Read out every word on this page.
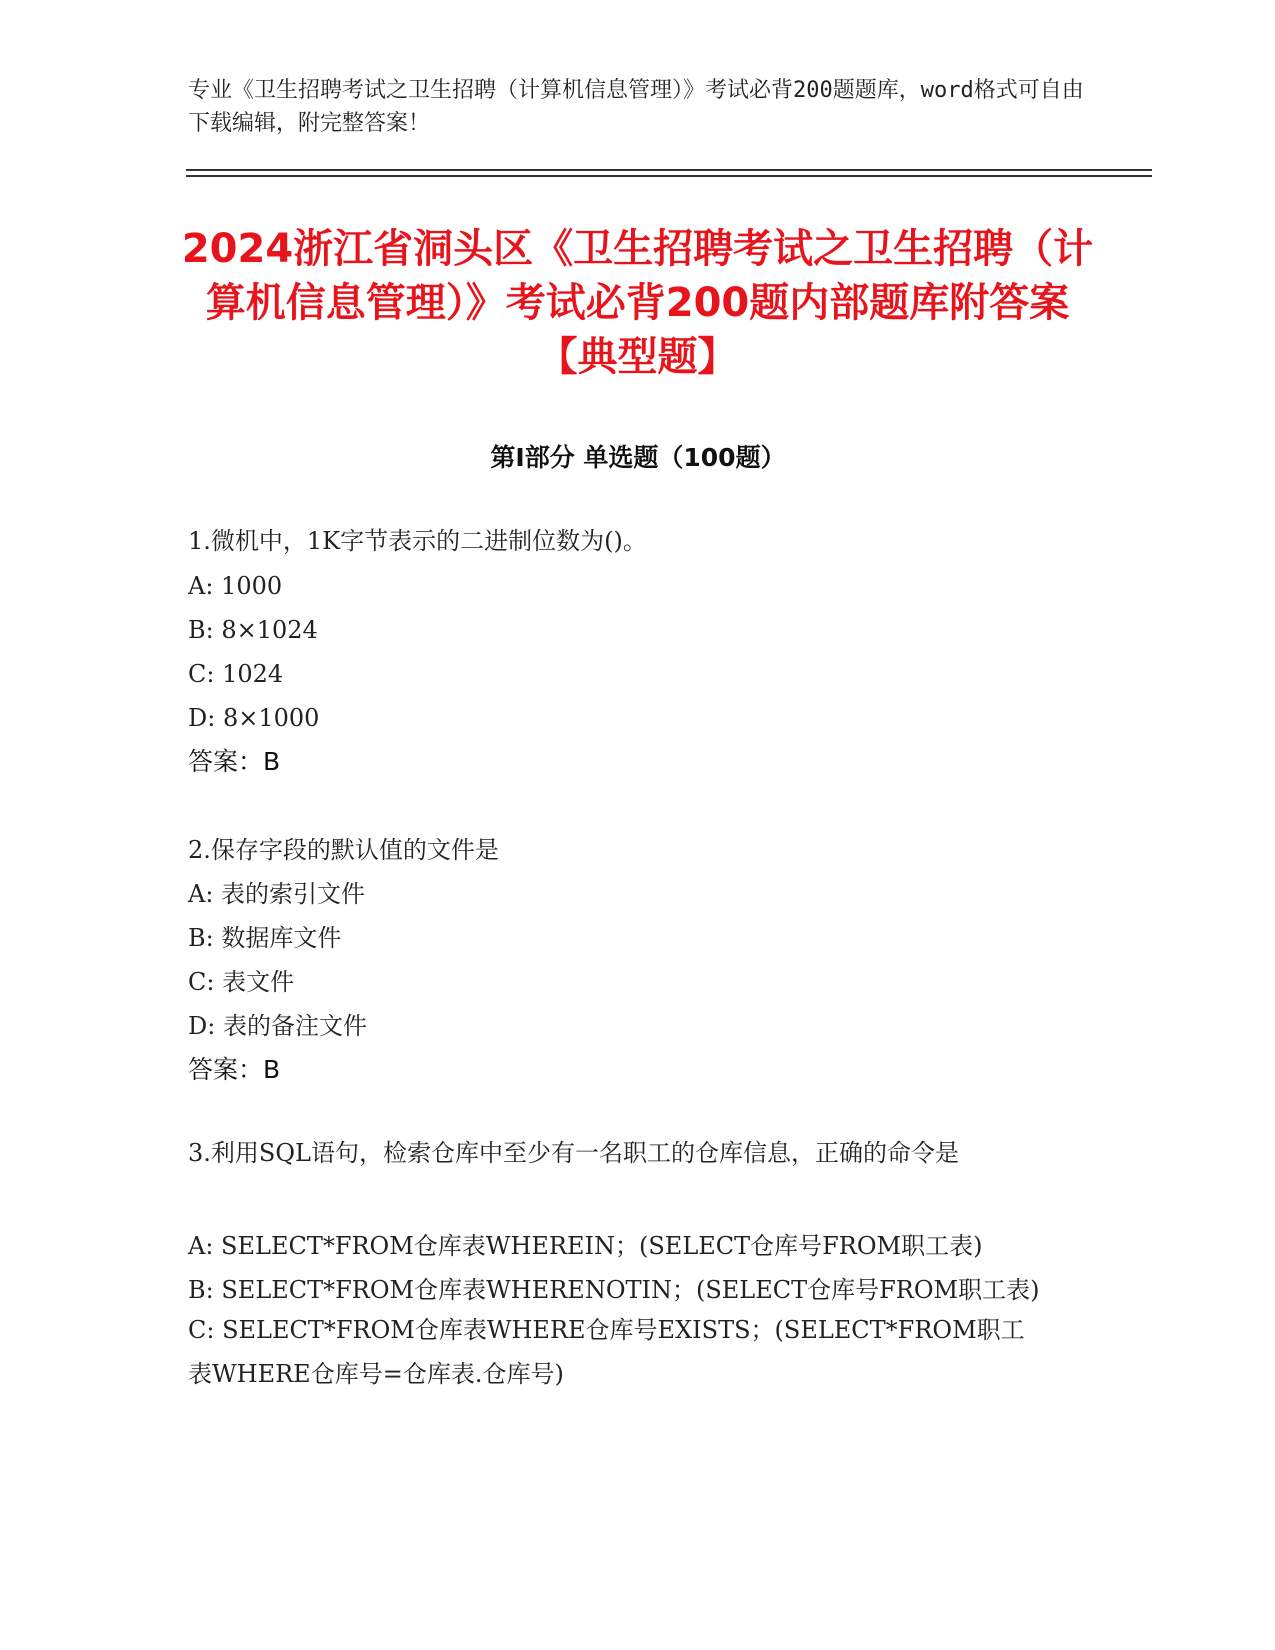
专业《卫生招聘考试之卫生招聘（计算机信息管理）》考试必背200题题库，word格式可自由下载编辑，附完整答案！
2024浙江省洞头区《卫生招聘考试之卫生招聘（计算机信息管理）》考试必背200题内部题库附答案【典型题】
第Ⅰ部分 单选题（100题）
1.微机中，1K字节表示的二进制位数为()。
A: 1000
B: 8×1024
C: 1024
D: 8×1000
答案：B
2.保存字段的默认值的文件是
A: 表的索引文件
B: 数据库文件
C: 表文件
D: 表的备注文件
答案：B
3.利用SQL语句，检索仓库中至少有一名职工的仓库信息，正确的命令是
A: SELECT*FROM仓库表WHEREIN；(SELECT仓库号FROM职工表)
B: SELECT*FROM仓库表WHERENOTIN；(SELECT仓库号FROM职工表)
C: SELECT*FROM仓库表WHERE仓库号EXISTS；(SELECT*FROM职工表WHERE仓库号=仓库表.仓库号)
